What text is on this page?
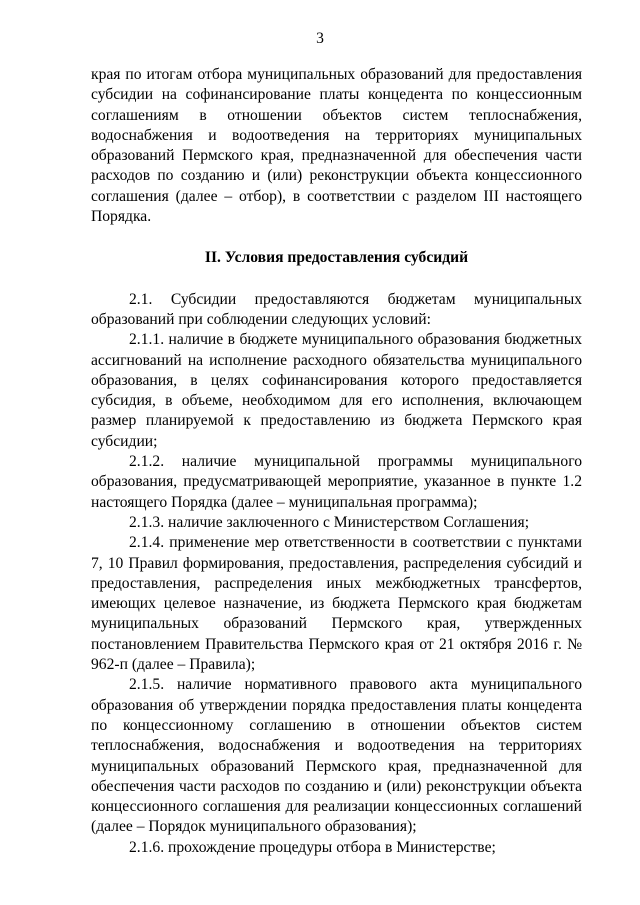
3

края по итогам отбора муниципальных образований для предоставления субсидии на софинансирование платы концедента по концессионным соглашениям в отношении объектов систем теплоснабжения, водоснабжения и водоотведения на территориях муниципальных образований Пермского края, предназначенной для обеспечения части расходов по созданию и (или) реконструкции объекта концессионного соглашения (далее – отбор), в соответствии с разделом III настоящего Порядка.

II. Условия предоставления субсидий

2.1. Субсидии предоставляются бюджетам муниципальных образований при соблюдении следующих условий:

2.1.1. наличие в бюджете муниципального образования бюджетных ассигнований на исполнение расходного обязательства муниципального образования, в целях софинансирования которого предоставляется субсидия, в объеме, необходимом для его исполнения, включающем размер планируемой к предоставлению из бюджета Пермского края субсидии;

2.1.2. наличие муниципальной программы муниципального образования, предусматривающей мероприятие, указанное в пункте 1.2 настоящего Порядка (далее – муниципальная программа);

2.1.3. наличие заключенного с Министерством Соглашения;

2.1.4. применение мер ответственности в соответствии с пунктами 7, 10 Правил формирования, предоставления, распределения субсидий и предоставления, распределения иных межбюджетных трансфертов, имеющих целевое назначение, из бюджета Пермского края бюджетам муниципальных образований Пермского края, утвержденных постановлением Правительства Пермского края от 21 октября 2016 г. № 962-п (далее – Правила);

2.1.5. наличие нормативного правового акта муниципального образования об утверждении порядка предоставления платы концедента по концессионному соглашению в отношении объектов систем теплоснабжения, водоснабжения и водоотведения на территориях муниципальных образований Пермского края, предназначенной для обеспечения части расходов по созданию и (или) реконструкции объекта концессионного соглашения для реализации концессионных соглашений (далее – Порядок муниципального образования);

2.1.6. прохождение процедуры отбора в Министерстве;
